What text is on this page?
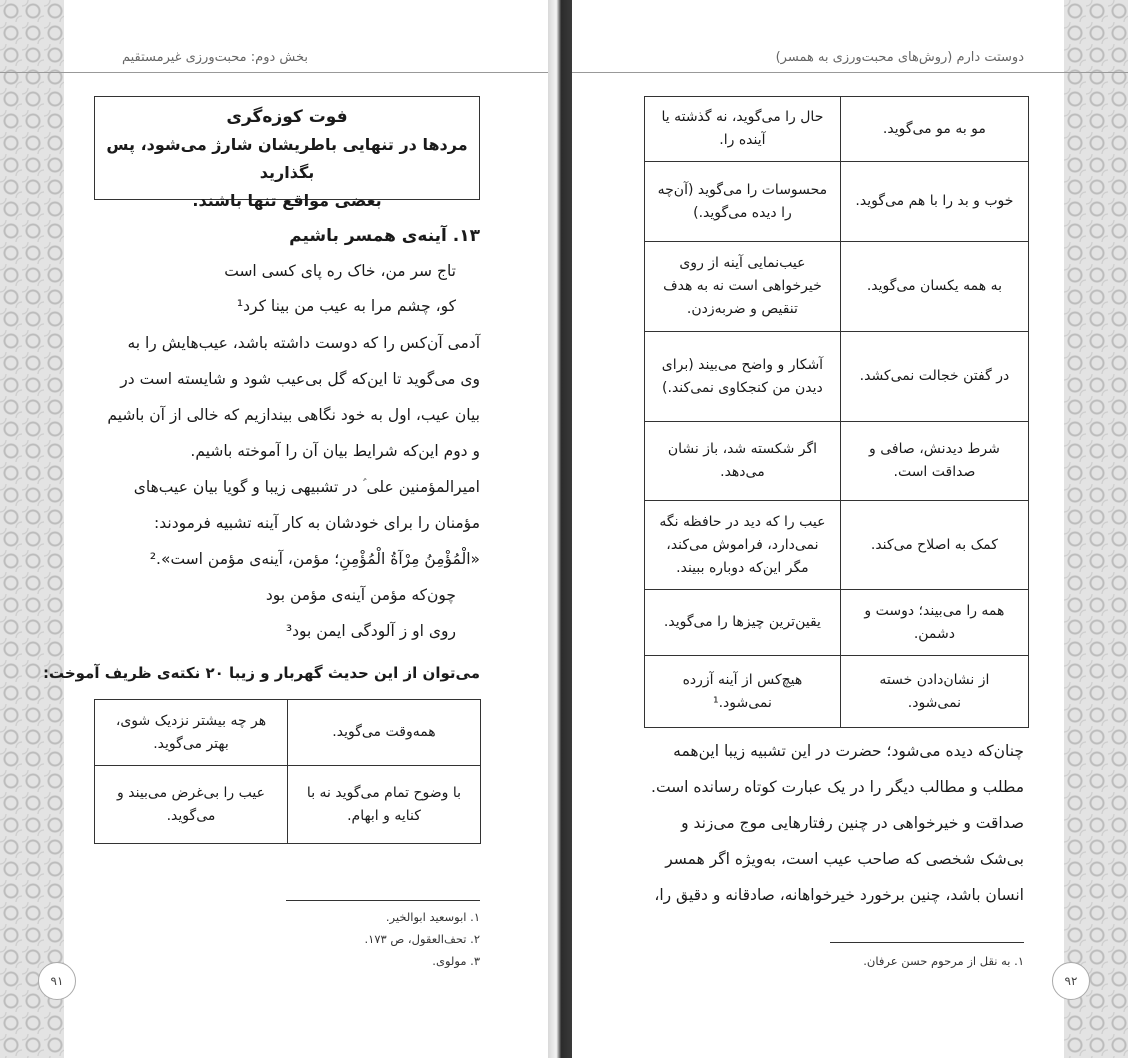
بخش دوم: محبت‌ورزی غیرمستقیم
فوت کوزه‌گری
مردها در تنهایی باطریشان شارژ می‌شود، پس بگذارید
بعضی مواقع تنها باشند.
۱۳. آینه‌ی همسر باشیم
تاج سر من، خاک ره پای کسی است
کو، چشم مرا به عیب من بینا کرد¹
آدمی آن‌کس را که دوست داشته باشد، عیب‌هایش را به
وی می‌گوید تا این‌که گل بی‌عیب شود و شایسته است در
بیان عیب، اول به خود نگاهی بیندازیم که خالی از آن باشیم
و دوم این‌که شرایط بیان آن را آموخته باشیم.
امیرالمؤمنین علی ؑ در تشبیهی زیبا و گویا بیان عیب‌های
مؤمنان را برای خودشان به کار آینه تشبیه فرمودند:
«الْمُؤْمِنُ مِرْآةُ الْمُؤْمِنِ؛ مؤمن، آینه‌ی مؤمن است».²
چون‌که مؤمن آینه‌ی مؤمن بود
روی او ز آلودگی ایمن بود³
می‌توان از این حدیث گهربار و زیبا ۲۰ نکته‌ی ظریف آموخت:
همه‌وقت می‌گوید.	هر چه بیشتر نزدیک شوی، بهتر می‌گوید.
با وضوح تمام می‌گوید نه با کنایه و ابهام.	عیب را بی‌غرض می‌بیند و می‌گوید.
۱. ابوسعید ابوالخیر.
۲. تحف‌العقول، ص ۱۷۳.
۳. مولوی.
۹۱
دوستت دارم (روش‌های محبت‌ورزی به همسر)
مو به مو می‌گوید.	حال را می‌گوید، نه گذشته یا آینده را.
خوب و بد را با هم می‌گوید.	محسوسات را می‌گوید (آن‌چه را دیده می‌گوید.)
به همه یکسان می‌گوید.	عیب‌نمایی آینه از روی خیرخواهی است نه به هدف تنقیص و ضربه‌زدن.
در گفتن خجالت نمی‌کشد.	آشکار و واضح می‌بیند (برای دیدن من کنجکاوی نمی‌کند.)
شرط دیدنش، صافی و صداقت است.	اگر شکسته شد، باز نشان می‌دهد.
کمک به اصلاح می‌کند.	عیب را که دید در حافظه نگه نمی‌دارد، فراموش می‌کند، مگر این‌که دوباره ببیند.
همه را می‌بیند؛ دوست و دشمن.	یقین‌ترین چیزها را می‌گوید.
از نشان‌دادن خسته نمی‌شود.	هیچ‌کس از آینه آزرده نمی‌شود.¹
چنان‌که دیده می‌شود؛ حضرت در این تشبیه زیبا این‌همه
مطلب و مطالب دیگر را در یک عبارت کوتاه رسانده است.
صداقت و خیرخواهی در چنین رفتارهایی موج می‌زند و
بی‌شک شخصی که صاحب عیب است، به‌ویژه اگر همسر
انسان باشد، چنین برخورد خیرخواهانه، صادقانه و دقیق را،
۱. به نقل از مرحوم حسن عرفان.
۹۲
